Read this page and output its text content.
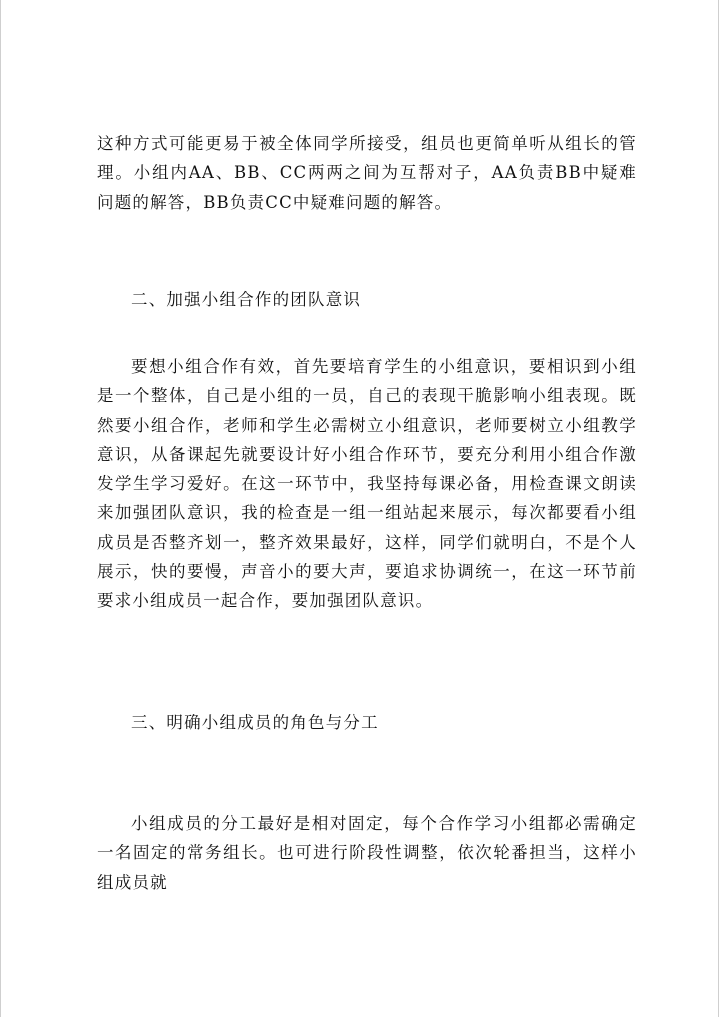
这种方式可能更易于被全体同学所接受，组员也更简单听从组长的管理。小组内AA、BB、CC两两之间为互帮对子，AA负责BB中疑难问题的解答，BB负责CC中疑难问题的解答。

二、加强小组合作的团队意识

要想小组合作有效，首先要培育学生的小组意识，要相识到小组是一个整体，自己是小组的一员，自己的表现干脆影响小组表现。既然要小组合作，老师和学生必需树立小组意识，老师要树立小组教学意识，从备课起先就要设计好小组合作环节，要充分利用小组合作激发学生学习爱好。在这一环节中，我坚持每课必备，用检查课文朗读来加强团队意识，我的检查是一组一组站起来展示，每次都要看小组成员是否整齐划一，整齐效果最好，这样，同学们就明白，不是个人展示，快的要慢，声音小的要大声，要追求协调统一，在这一环节前要求小组成员一起合作，要加强团队意识。

三、明确小组成员的角色与分工

小组成员的分工最好是相对固定，每个合作学习小组都必需确定一名固定的常务组长。也可进行阶段性调整，依次轮番担当，这样小组成员就
